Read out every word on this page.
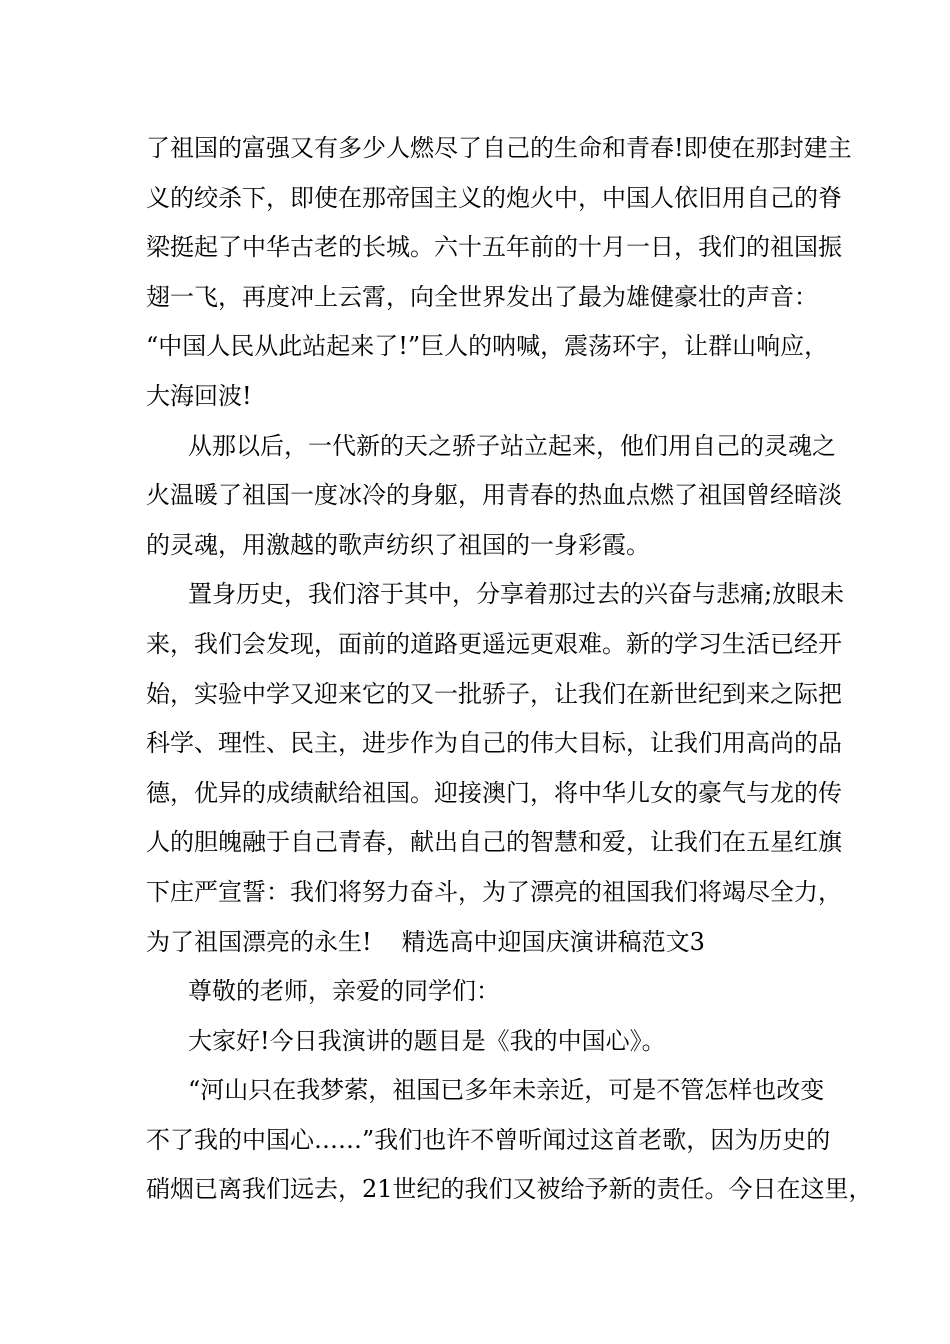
了祖国的富强又有多少人燃尽了自己的生命和青春!即使在那封建主
义的绞杀下，即使在那帝国主义的炮火中，中国人依旧用自己的脊
梁挺起了中华古老的长城。六十五年前的十月一日，我们的祖国振
翅一飞，再度冲上云霄，向全世界发出了最为雄健豪壮的声音：
“中国人民从此站起来了!”巨人的呐喊，震荡环宇，让群山响应，
大海回波!
从那以后，一代新的天之骄子站立起来，他们用自己的灵魂之
火温暖了祖国一度冰冷的身躯，用青春的热血点燃了祖国曾经暗淡
的灵魂，用激越的歌声纺织了祖国的一身彩霞。
置身历史，我们溶于其中，分享着那过去的兴奋与悲痛;放眼未
来，我们会发现，面前的道路更遥远更艰难。新的学习生活已经开
始，实验中学又迎来它的又一批骄子，让我们在新世纪到来之际把
科学、理性、民主，进步作为自己的伟大目标，让我们用高尚的品
德，优异的成绩献给祖国。迎接澳门，将中华儿女的豪气与龙的传
人的胆魄融于自己青春，献出自己的智慧和爱，让我们在五星红旗
下庄严宣誓：我们将努力奋斗，为了漂亮的祖国我们将竭尽全力，
为了祖国漂亮的永生! 精选高中迎国庆演讲稿范文3
尊敬的老师，亲爱的同学们：
大家好!今日我演讲的题目是《我的中国心》。
“河山只在我梦萦，祖国已多年未亲近，可是不管怎样也改变
不了我的中国心……”我们也许不曾听闻过这首老歌，因为历史的
硝烟已离我们远去，21世纪的我们又被给予新的责任。今日在这里，
